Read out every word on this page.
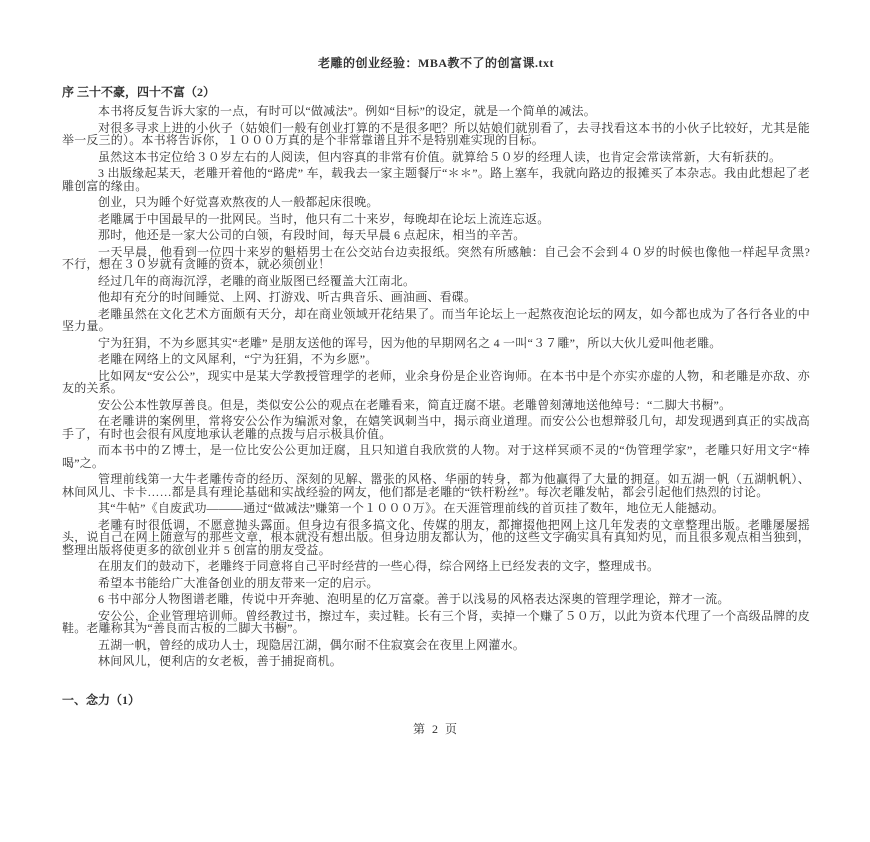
老雕的创业经验：MBA教不了的创富课.txt
序 三十不豪，四十不富（2）

本书将反复告诉大家的一点，有时可以“做减法”。例如“目标”的设定，就是一个简单的减法。

对很多寻求上进的小伙子（姑娘们一般有创业打算的不是很多吧？所以姑娘们就别看了，去寻找看这本书的小伙子比较好，尤其是能举一反三的）。本书将告诉你，１０００万真的是个非常靠谱且并不是特别难实现的目标。

虽然这本书定位给３０岁左右的人阅读，但内容真的非常有价值。就算给５０岁的经理人读，也肯定会常读常新，大有斩获的。

3 出版缘起某天，老雕开着他的“路虎” 车，载我去一家主题餐厅“＊＊”。路上塞车，我就向路边的报摊买了本杂志。我由此想起了老雕创富的缘由。

创业，只为睡个好觉喜欢熬夜的人一般都起床很晚。

老雕属于中国最早的一批网民。当时，他只有二十来岁，每晚却在论坛上流连忘返。

那时，他还是一家大公司的白领，有段时间，每天早晨 6 点起床，相当的辛苦。

一天早晨，他看到一位四十来岁的魁梧男士在公交站台边卖报纸。突然有所感触：自己会不会到４０岁的时候也像他一样起早贪黑? 不行，想在３０岁就有贪睡的资本，就必须创业！

经过几年的商海沉浮，老雕的商业版图已经覆盖大江南北。

他却有充分的时间睡觉、上网、打游戏、听古典音乐、画油画、看碟。

老雕虽然在文化艺术方面颇有天分，却在商业领域开花结果了。而当年论坛上一起熬夜泡论坛的网友，如今都也成为了各行各业的中坚力量。

宁为狂狷，不为乡愿其实“老雕” 是朋友送他的诨号，因为他的早期网名之 4 一叫“３７雕”，所以大伙儿爱叫他老雕。

老雕在网络上的文风犀利，“宁为狂狷，不为乡愿”。

比如网友“安公公”，现实中是某大学教授管理学的老师，业余身份是企业咨询师。在本书中是个亦实亦虚的人物，和老雕是亦敌、亦友的关系。

安公公本性敦厚善良。但是，类似安公公的观点在老雕看来，简直迂腐不堪。老雕曾刻薄地送他绰号：“二脚大书橱”。

在老雕讲的案例里，常将安公公作为编派对象，在嬉笑讽刺当中，揭示商业道理。而安公公也想辩驳几句，却发现遇到真正的实战高手了，有时也会很有风度地承认老雕的点拨与启示极具价值。

而本书中的Ｚ博士，是一位比安公公更加迂腐，且只知道自我欣赏的人物。对于这样冥顽不灵的“伪管理学家”，老雕只好用文字“棒喝”之。

管理前线第一大牛老雕传奇的经历、深刻的见解、嚣张的风格、华丽的转身，都为他赢得了大量的拥趸。如五湖一帆（五湖帆帆）、林间风儿、卡卡……都是具有理论基础和实战经验的网友，他们都是老雕的“铁杆粉丝”。每次老雕发帖，都会引起他们热烈的讨论。

其“牛帖”《自废武功———通过“做减法”赚第一个１０００万》。在天涯管理前线的首页挂了数年，地位无人能撼动。

老雕有时很低调，不愿意抛头露面。但身边有很多搞文化、传媒的朋友，都撺掇他把网上这几年发表的文章整理出版。老雕屡屡摇头，说自己在网上随意写的那些文章，根本就没有想出版。但身边朋友都认为，他的这些文字确实具有真知灼见，而且很多观点相当独到，整理出版将使更多的欲创业并 5 创富的朋友受益。

在朋友们的鼓动下，老雕终于同意将自己平时经营的一些心得，综合网络上已经发表的文字，整理成书。

希望本书能给广大准备创业的朋友带来一定的启示。

6 书中部分人物图谱老雕，传说中开奔驰、泡明星的亿万富豪。善于以浅易的风格表达深奥的管理学理论，辩才一流。

安公公，企业管理培训师。曾经教过书，擦过车，卖过鞋。长有三个肾，卖掉一个赚了５０万，以此为资本代理了一个高级品牌的皮鞋。老雕称其为“善良而古板的二脚大书橱”。

五湖一帆，曾经的成功人士，现隐居江湖，偶尔耐不住寂寞会在夜里上网灌水。

林间风儿，便利店的女老板，善于捕捉商机。

一、念力（1）
第 2 页
